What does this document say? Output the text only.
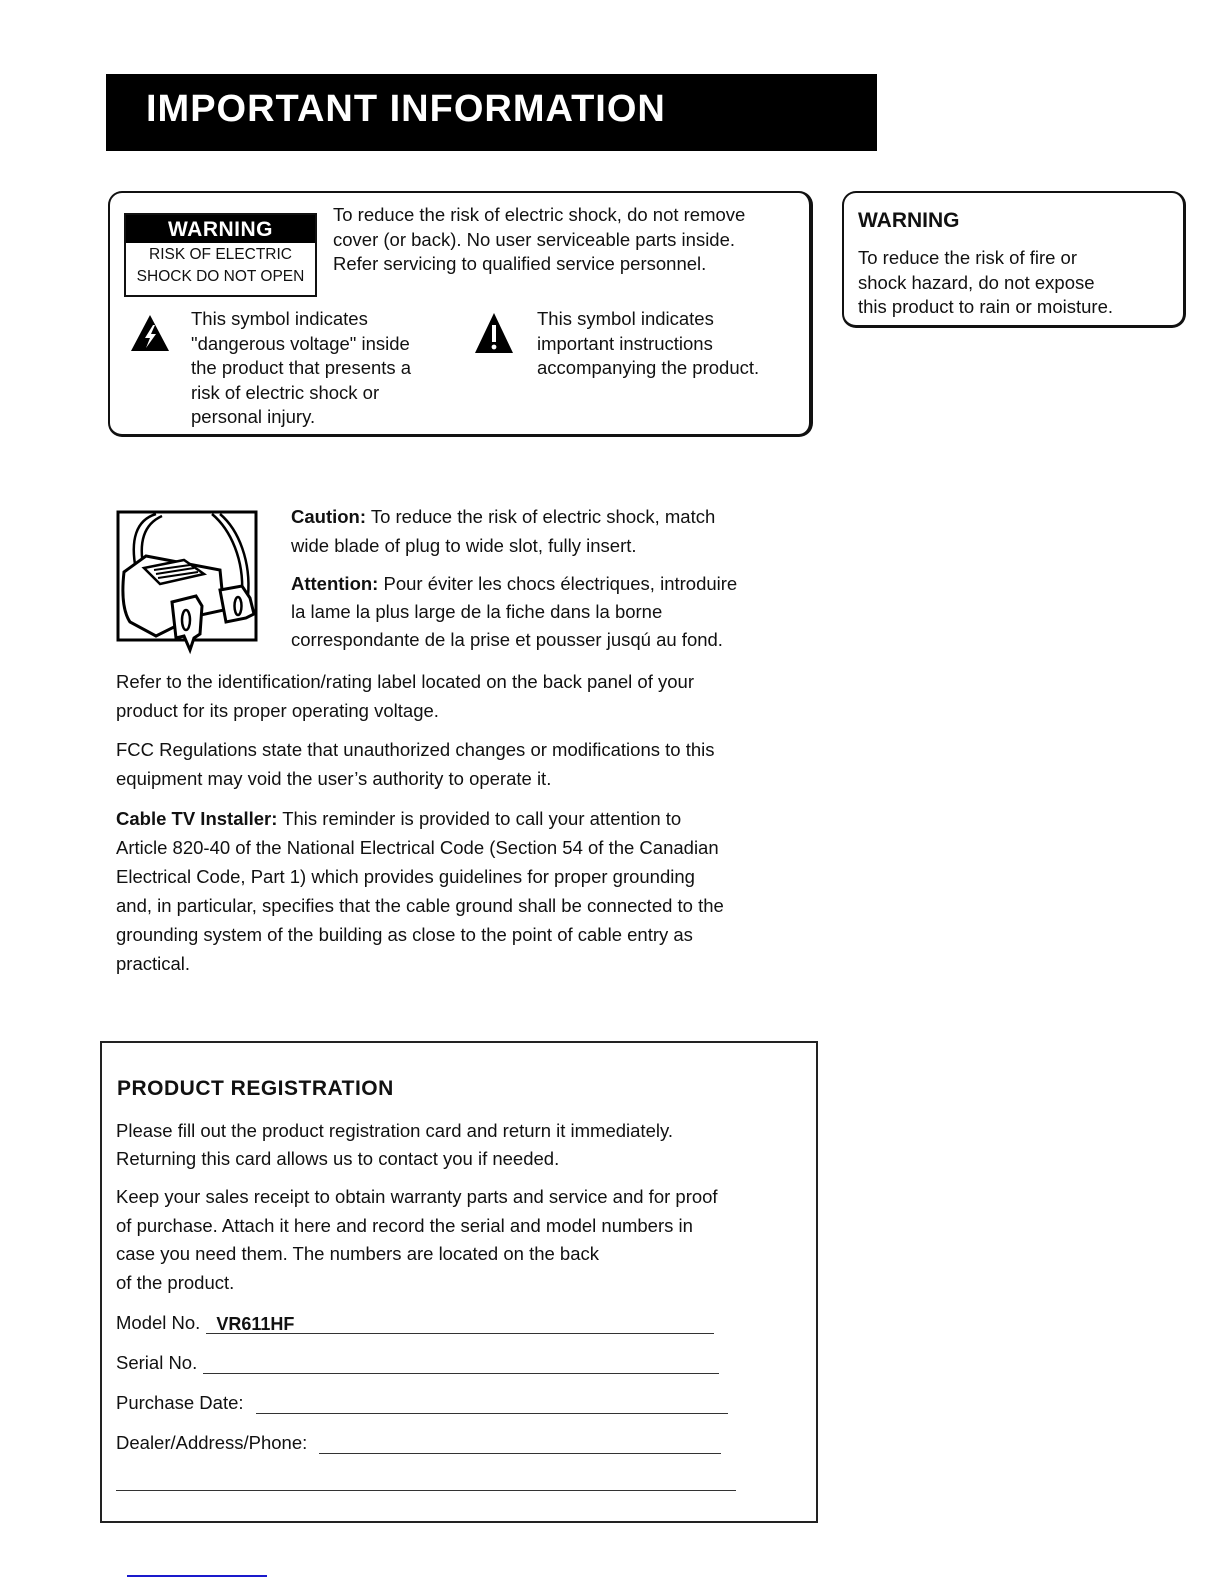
IMPORTANT INFORMATION
WARNING
RISK OF ELECTRIC
SHOCK DO NOT OPEN
To reduce the risk of electric shock, do not remove
cover (or back). No user serviceable parts inside.
Refer servicing to qualified service personnel.
This symbol indicates
"dangerous voltage" inside
the product that presents a
risk of electric shock or
personal injury.
This symbol indicates
important instructions
accompanying the product.
WARNING
To reduce the risk of fire or
shock hazard, do not expose
this product to rain or moisture.
Caution: To reduce the risk of electric shock, match
wide blade of plug to wide slot, fully insert.
Attention: Pour éviter les chocs électriques, introduire
la lame la plus large de la fiche dans la borne
correspondante de la prise et pousser jusqú au fond.
Refer to the identification/rating label located on the back panel of your
product for its proper operating voltage.
FCC Regulations state that unauthorized changes or modifications to this
equipment may void the user’s authority to operate it.
Cable TV Installer: This reminder is provided to call your attention to
Article 820-40 of the National Electrical Code (Section 54 of the Canadian
Electrical Code, Part 1) which provides guidelines for proper grounding
and, in particular, specifies that the cable ground shall be connected to the
grounding system of the building as close to the point of cable entry as
practical.
PRODUCT REGISTRATION
Please fill out the product registration card and return it immediately.
Returning this card allows us to contact you if needed.
Keep your sales receipt to obtain warranty parts and service and for proof
of purchase. Attach it here and record the serial and model numbers in
case you need them. The numbers are located on the back
of the product.
Model No. VR611HF
Serial No.
Purchase Date:
Dealer/Address/Phone:
